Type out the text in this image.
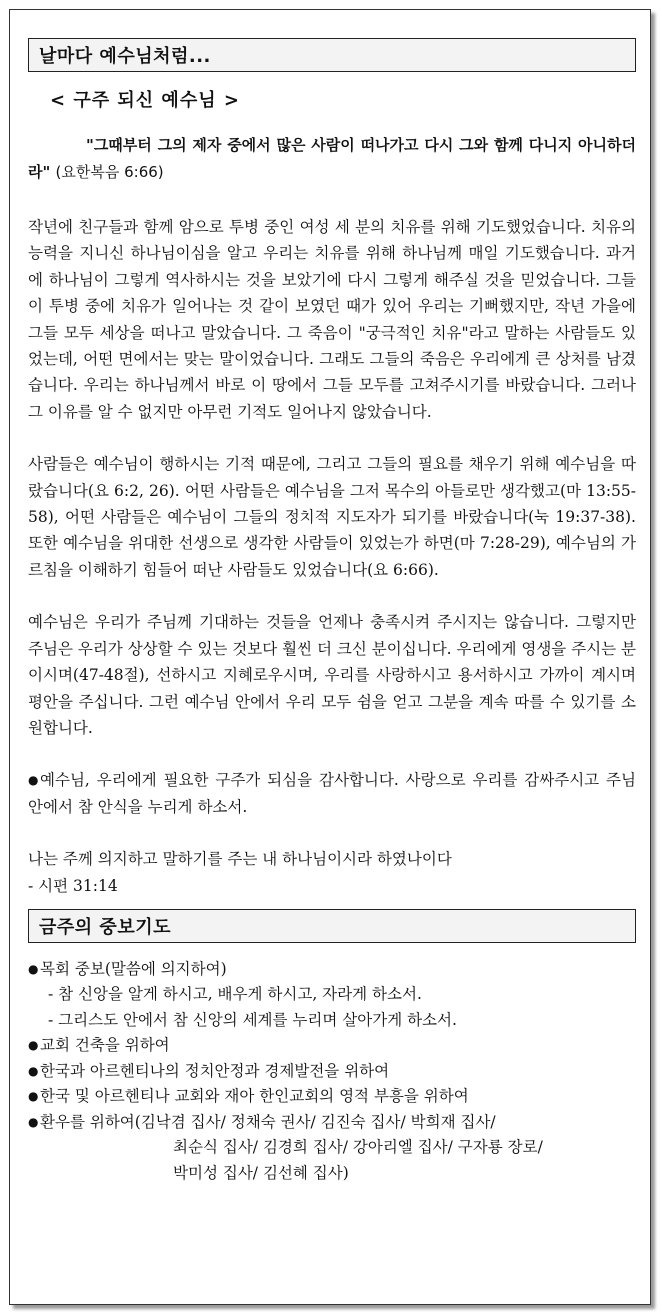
날마다 예수님처럼...
< 구주 되신 예수님 >

"그때부터 그의 제자 중에서 많은 사람이 떠나가고 다시 그와 함께 다니지 아니하더라" (요한복음 6:66)

작년에 친구들과 함께 암으로 투병 중인 여성 세 분의 치유를 위해 기도했었습니다. 치유의 능력을 지니신 하나님이심을 알고 우리는 치유를 위해 하나님께 매일 기도했습니다. 과거에 하나님이 그렇게 역사하시는 것을 보았기에 다시 그렇게 해주실 것을 믿었습니다. 그들이 투병 중에 치유가 일어나는 것 같이 보였던 때가 있어 우리는 기뻐했지만, 작년 가을에 그들 모두 세상을 떠나고 말았습니다. 그 죽음이 "궁극적인 치유"라고 말하는 사람들도 있었는데, 어떤 면에서는 맞는 말이었습니다. 그래도 그들의 죽음은 우리에게 큰 상처를 남겼습니다. 우리는 하나님께서 바로 이 땅에서 그들 모두를 고쳐주시기를 바랐습니다. 그러나 그 이유를 알 수 없지만 아무런 기적도 일어나지 않았습니다.

사람들은 예수님이 행하시는 기적 때문에, 그리고 그들의 필요를 채우기 위해 예수님을 따랐습니다(요 6:2, 26). 어떤 사람들은 예수님을 그저 목수의 아들로만 생각했고(마 13:55-58), 어떤 사람들은 예수님이 그들의 정치적 지도자가 되기를 바랐습니다(눅 19:37-38). 또한 예수님을 위대한 선생으로 생각한 사람들이 있었는가 하면(마 7:28-29), 예수님의 가르침을 이해하기 힘들어 떠난 사람들도 있었습니다(요 6:66).

예수님은 우리가 주님께 기대하는 것들을 언제나 충족시켜 주시지는 않습니다. 그렇지만 주님은 우리가 상상할 수 있는 것보다 훨씬 더 크신 분이십니다. 우리에게 영생을 주시는 분이시며(47-48절), 선하시고 지혜로우시며, 우리를 사랑하시고 용서하시고 가까이 계시며 평안을 주십니다. 그런 예수님 안에서 우리 모두 쉼을 얻고 그분을 계속 따를 수 있기를 소원합니다.

●예수님, 우리에게 필요한 구주가 되심을 감사합니다. 사랑으로 우리를 감싸주시고 주님 안에서 참 안식을 누리게 하소서.

나는 주께 의지하고 말하기를 주는 내 하나님이시라 하였나이다
- 시편 31:14
금주의 중보기도
●목회 중보(말씀에 의지하여)
- 참 신앙을 알게 하시고, 배우게 하시고, 자라게 하소서.
- 그리스도 안에서 참 신앙의 세계를 누리며 살아가게 하소서.
●교회 건축을 위하여
●한국과 아르헨티나의 정치안정과 경제발전을 위하여
●한국 및 아르헨티나 교회와 재아 한인교회의 영적 부흥을 위하여
●환우를 위하여(김낙겸 집사/ 정채숙 권사/ 김진숙 집사/ 박희재 집사/
최순식 집사/ 김경희 집사/ 강아리엘 집사/ 구자룡 장로/
박미성 집사/ 김선혜 집사)
